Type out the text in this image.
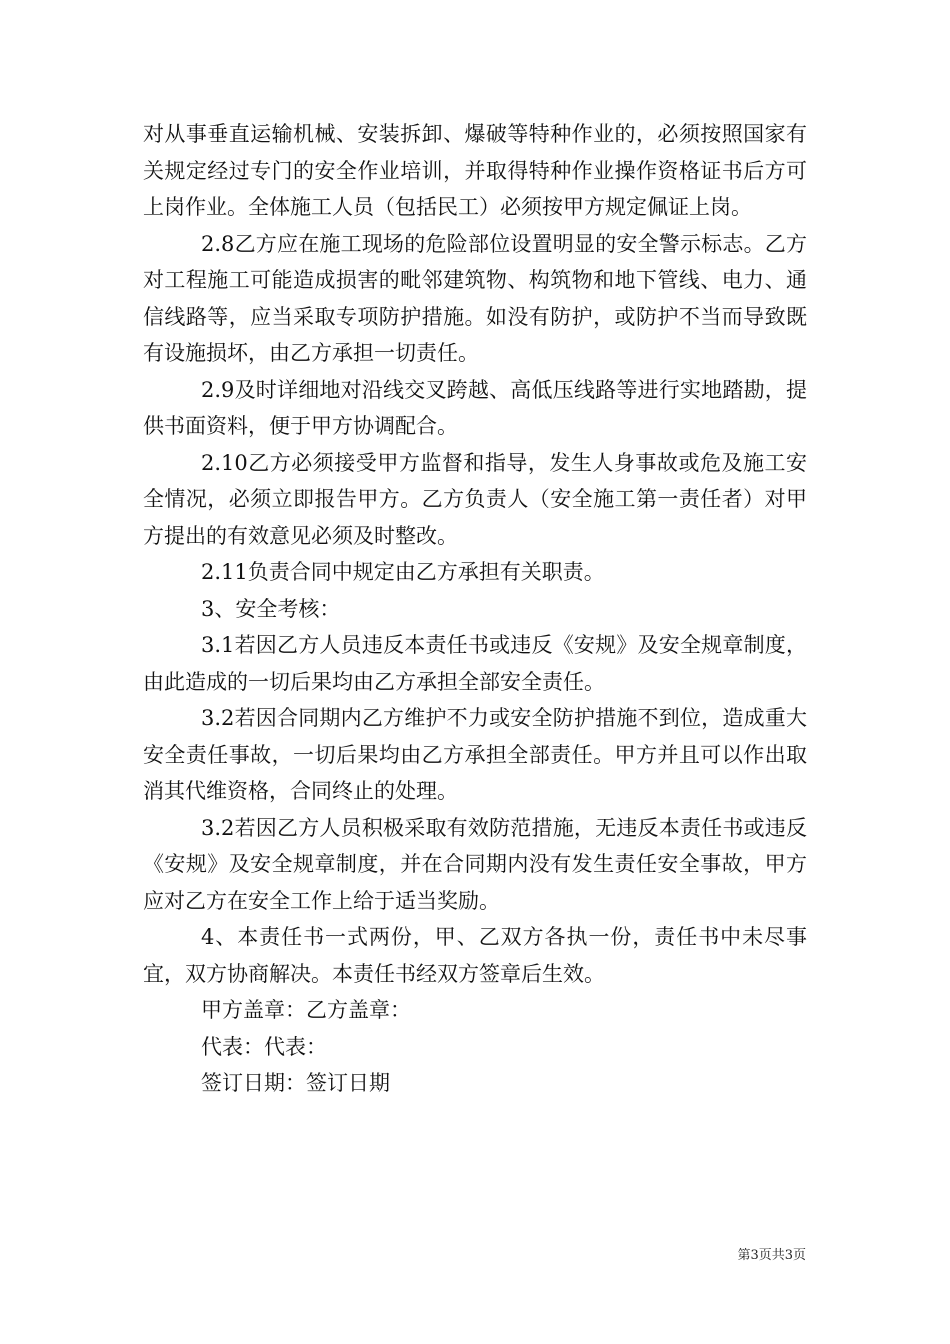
对从事垂直运输机械、安装拆卸、爆破等特种作业的，必须按照国家有关规定经过专门的安全作业培训，并取得特种作业操作资格证书后方可上岗作业。全体施工人员（包括民工）必须按甲方规定佩证上岗。

2.8乙方应在施工现场的危险部位设置明显的安全警示标志。乙方对工程施工可能造成损害的毗邻建筑物、构筑物和地下管线、电力、通信线路等，应当采取专项防护措施。如没有防护，或防护不当而导致既有设施损坏，由乙方承担一切责任。

2.9及时详细地对沿线交叉跨越、高低压线路等进行实地踏勘，提供书面资料，便于甲方协调配合。

2.10乙方必须接受甲方监督和指导，发生人身事故或危及施工安全情况，必须立即报告甲方。乙方负责人（安全施工第一责任者）对甲方提出的有效意见必须及时整改。

2.11负责合同中规定由乙方承担有关职责。

3、安全考核：

3.1若因乙方人员违反本责任书或违反《安规》及安全规章制度，由此造成的一切后果均由乙方承担全部安全责任。

3.2若因合同期内乙方维护不力或安全防护措施不到位，造成重大安全责任事故，一切后果均由乙方承担全部责任。甲方并且可以作出取消其代维资格，合同终止的处理。

3.2若因乙方人员积极采取有效防范措施，无违反本责任书或违反《安规》及安全规章制度，并在合同期内没有发生责任安全事故，甲方应对乙方在安全工作上给于适当奖励。

4、本责任书一式两份，甲、乙双方各执一份，责任书中未尽事宜，双方协商解决。本责任书经双方签章后生效。

甲方盖章：乙方盖章：

代表：代表：

签订日期：签订日期

第3页共3页
